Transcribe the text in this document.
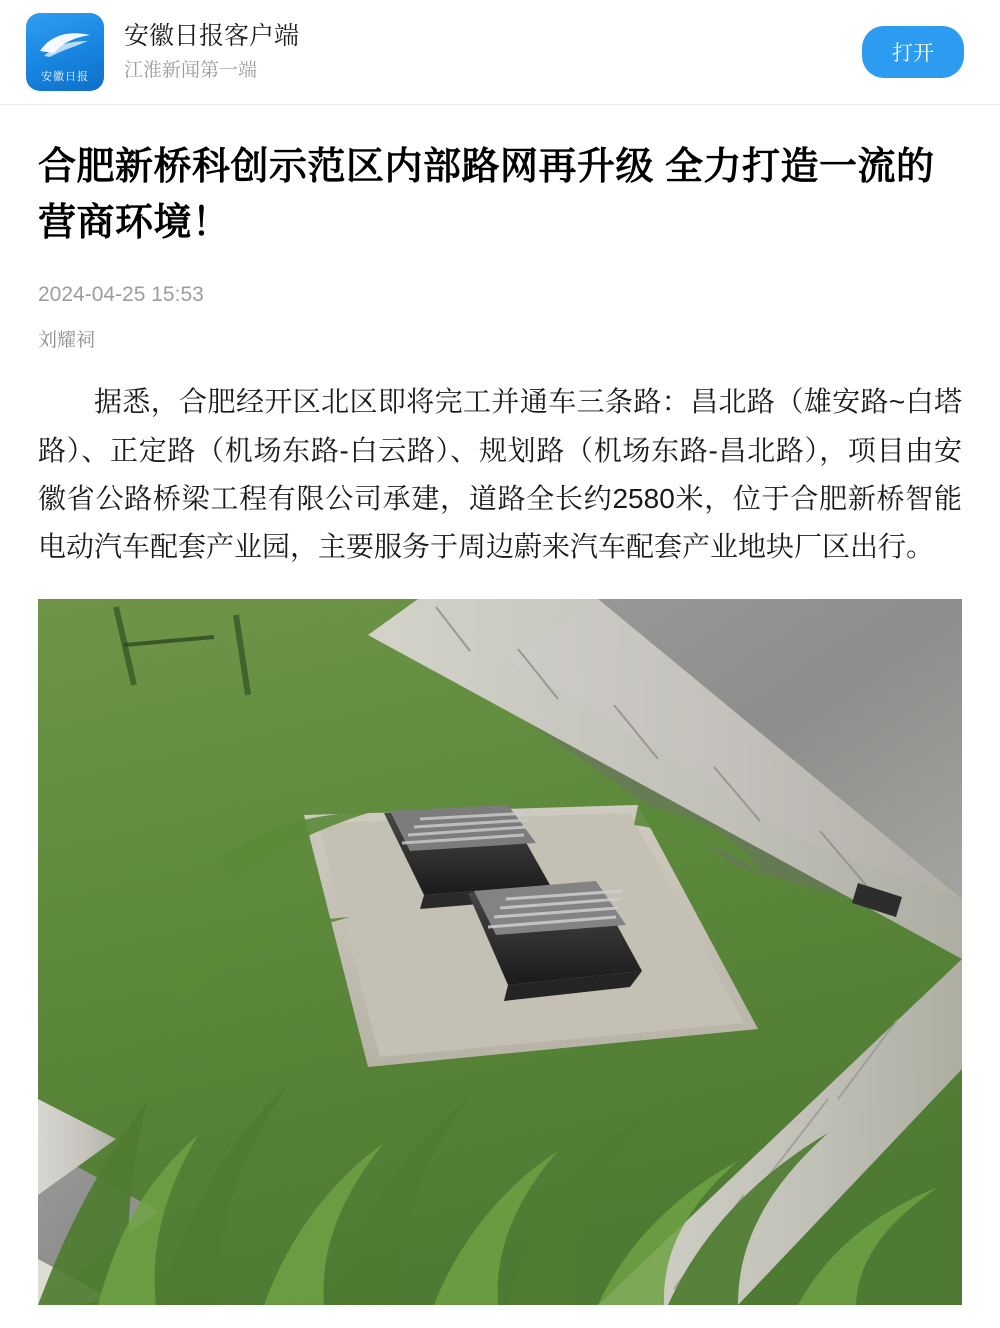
安徽日报
安徽日报客户端
江淮新闻第一端
打开
合肥新桥科创示范区内部路网再升级 全力打造一流的营商环境！
2024-04-25 15:53
刘耀祠

据悉，合肥经开区北区即将完工并通车三条路：昌北路（雄安路~白塔路）、正定路（机场东路-白云路）、规划路（机场东路-昌北路），项目由安徽省公路桥梁工程有限公司承建，道路全长约2580米，位于合肥新桥智能电动汽车配套产业园，主要服务于周边蔚来汽车配套产业地块厂区出行。
